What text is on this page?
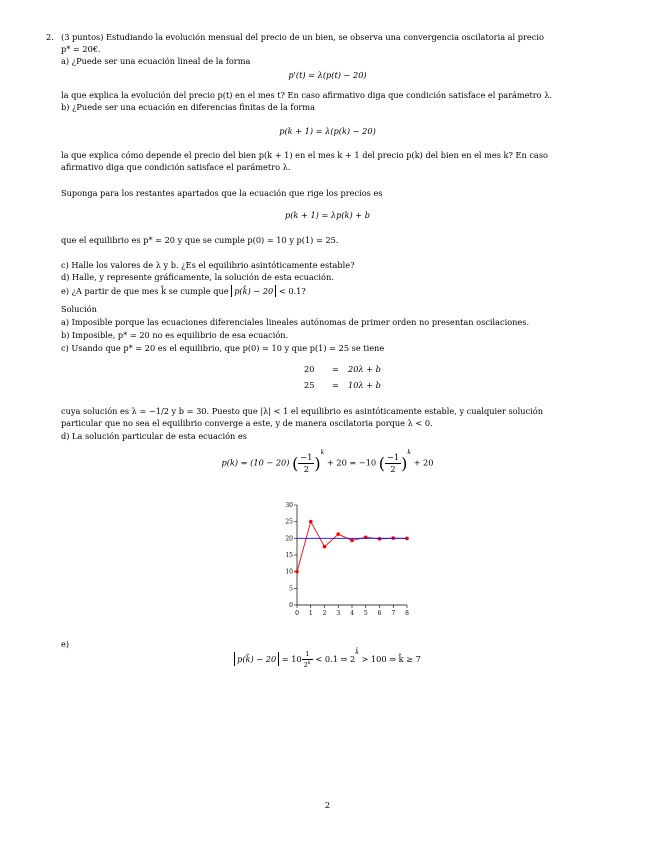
2. (3 puntos) Estudiando la evolución mensual del precio de un bien, se observa una convergencia oscilatoria al precio
p* = 20€.
a) ¿Puede ser una ecuación lineal de la forma
p'(t) = λ(p(t) − 20)
la que explica la evolución del precio p(t) en el mes t? En caso afirmativo diga que condición satisface el parámetro λ.
b) ¿Puede ser una ecuación en diferencias finitas de la forma
p(k + 1) = λ(p(k) − 20)
la que explica cómo depende el precio del bien p(k + 1) en el mes k + 1 del precio p(k) del bien en el mes k? En caso
afirmativo diga que condición satisface el parámetro λ.
Suponga para los restantes apartados que la ecuación que rige los precios es
p(k + 1) = λp(k) + b
que el equilibrio es p* = 20 y que se cumple p(0) = 10 y p(1) = 25.
c) Halle los valores de λ y b. ¿Es el equilibrio asintóticamente estable?
d) Halle, y represente gráficamente, la solución de esta ecuación.
e) ¿A partir de que mes k̂ se cumple que p(k̂) − 20 < 0.1?
Solución
a) Imposible porque las ecuaciones diferenciales lineales autónomas de primer orden no presentan oscilaciones.
b) Imposible, p* = 20 no es equilibrio de esa ecuación.
c) Usando que p* = 20 es el equilibrio, que p(0) = 10 y que p(1) = 25 se tiene
20 = 20λ + b
25 = 10λ + b
cuya solución es λ = −1/2 y b = 30. Puesto que |λ| < 1 el equilibrio es asintóticamente estable, y cualquier solución
particular que no sea el equilibrio converge a este, y de manera oscilatoria porque λ < 0.
d) La solución particular de esta ecuación es
p(k) = (10 − 20) ( $\frac{-1}{2} )^k + 20 = -10$ ( $\frac{-1}{2} )^k + 20$
0
5
10
15
20
25
30
0 1 2 3 4 5 6 7 8
e)
p(k̂) − $20 = 10 \frac{1}{2^{k̂}} < 0.1$ ⇒ $2^{k̂} > 100$ ⇒ k̂ ≥ 7
2
